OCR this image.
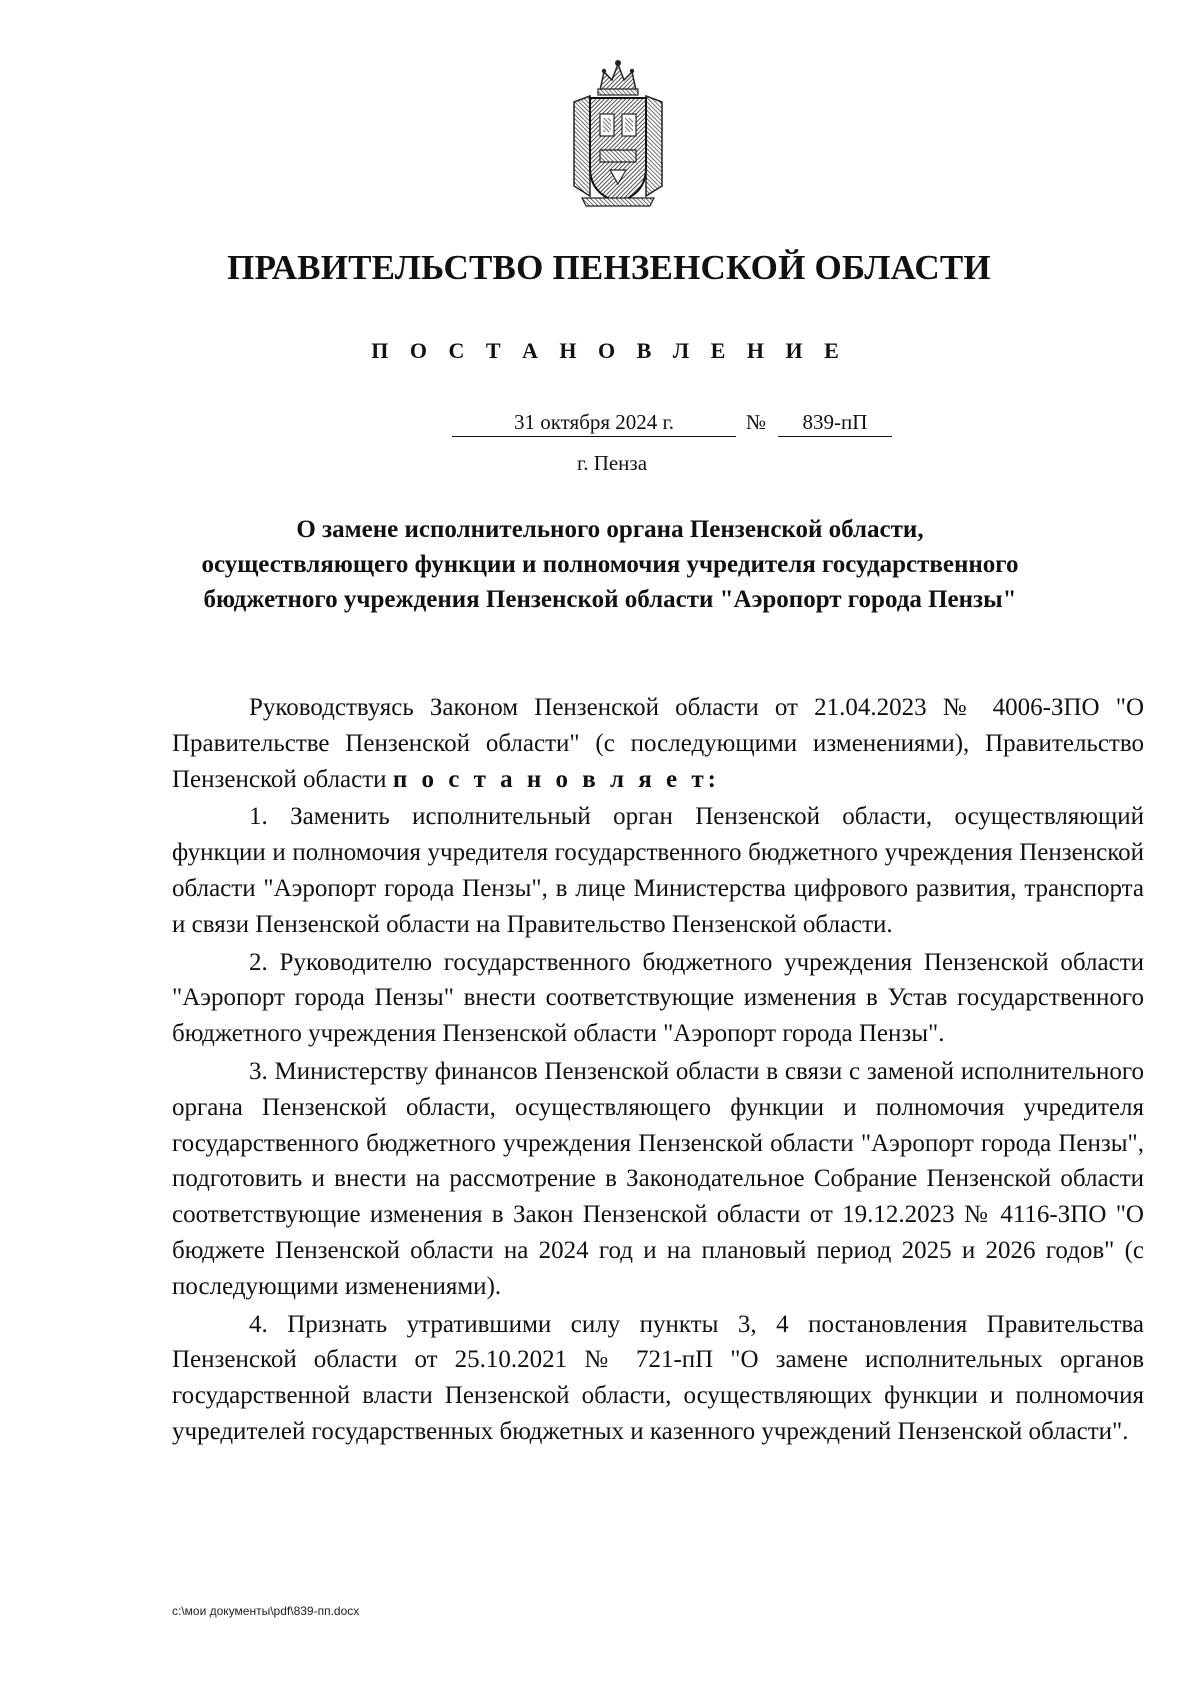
ПРАВИТЕЛЬСТВО ПЕНЗЕНСКОЙ ОБЛАСТИ
П О С Т А Н О В Л Е Н И Е
31 октября 2024 г.	№	839-пП
г. Пенза
О замене исполнительного органа Пензенской области,
осуществляющего функции и полномочия учредителя государственного
бюджетного учреждения Пензенской области "Аэропорт города Пензы"

Руководствуясь Законом Пензенской области от 21.04.2023 № 4006-ЗПО "О Правительстве Пензенской области" (с последующими изменениями), Правительство Пензенской области п о с т а н о в л я е т:

1. Заменить исполнительный орган Пензенской области, осуществляющий функции и полномочия учредителя государственного бюджетного учреждения Пензенской области "Аэропорт города Пензы", в лице Министерства цифрового развития, транспорта и связи Пензенской области на Правительство Пензенской области.

2. Руководителю государственного бюджетного учреждения Пензенской области "Аэропорт города Пензы" внести соответствующие изменения в Устав государственного бюджетного учреждения Пензенской области "Аэропорт города Пензы".

3. Министерству финансов Пензенской области в связи с заменой исполнительного органа Пензенской области, осуществляющего функции и полномочия учредителя государственного бюджетного учреждения Пензенской области "Аэропорт города Пензы", подготовить и внести на рассмотрение в Законодательное Собрание Пензенской области соответствующие изменения в Закон Пензенской области от 19.12.2023 № 4116-ЗПО "О бюджете Пензенской области на 2024 год и на плановый период 2025 и 2026 годов" (с последующими изменениями).

4. Признать утратившими силу пункты 3, 4 постановления Правительства Пензенской области от 25.10.2021 № 721-пП "О замене исполнительных органов государственной власти Пензенской области, осуществляющих функции и полномочия учредителей государственных бюджетных и казенного учреждений Пензенской области".

c:\мои документы\pdf\839-пп.docx
